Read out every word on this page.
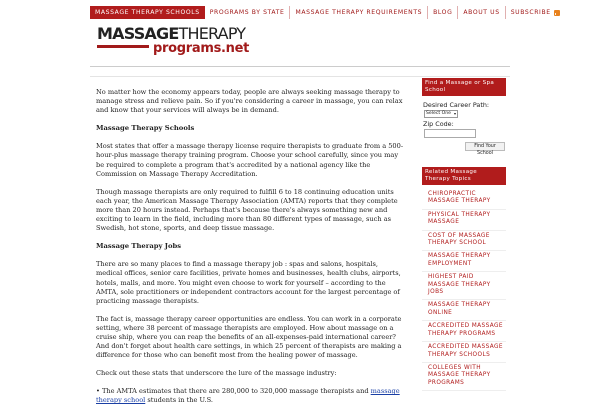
MASSAGE THERAPY SCHOOLS	PROGRAMS BY STATE	MASSAGE THERAPY REQUIREMENTS	BLOG	ABOUT US	SUBSCRIBE
MASSAGETHERAPY
programs.net

No matter how the economy appears today, people are always seeking massage therapy to manage stress and relieve pain. So if you're considering a career in massage, you can relax and know that your services will always be in demand.

Massage Therapy Schools

Most states that offer a massage therapy license require therapists to graduate from a 500-hour-plus massage therapy training program. Choose your school carefully, since you may be required to complete a program that's accredited by a national agency like the Commission on Massage Therapy Accreditation.

Though massage therapists are only required to fulfill 6 to 18 continuing education units each year, the American Massage Therapy Association (AMTA) reports that they complete more than 20 hours instead. Perhaps that's because there's always something new and exciting to learn in the field, including more than 80 different types of massage, such as Swedish, hot stone, sports, and deep tissue massage.

Massage Therapy Jobs

There are so many places to find a massage therapy job : spas and salons, hospitals, medical offices, senior care facilities, private homes and businesses, health clubs, airports, hotels, malls, and more. You might even choose to work for yourself – according to the AMTA, sole practitioners or independent contractors account for the largest percentage of practicing massage therapists.

The fact is, massage therapy career opportunities are endless. You can work in a corporate setting, where 38 percent of massage therapists are employed. How about massage on a cruise ship, where you can reap the benefits of an all-expenses-paid international career? And don't forget about health care settings, in which 25 percent of therapists are making a difference for those who can benefit most from the healing power of massage.

Check out these stats that underscore the lure of the massage industry:

• The AMTA estimates that there are 280,000 to 320,000 massage therapists and massage therapy school students in the U.S.

Find a Massage or Spa School
Desired Career Path:
Select One ▾
Zip Code:
Find Your School
Related Massage Therapy Topics
CHIROPRACTIC MASSAGE THERAPY
PHYSICAL THERAPY MASSAGE
COST OF MASSAGE THERAPY SCHOOL
MASSAGE THERAPY EMPLOYMENT
HIGHEST PAID MASSAGE THERAPY JOBS
MASSAGE THERAPY ONLINE
ACCREDITED MASSAGE THERAPY PROGRAMS
ACCREDITED MASSAGE THERAPY SCHOOLS
COLLEGES WITH MASSAGE THERAPY PROGRAMS
